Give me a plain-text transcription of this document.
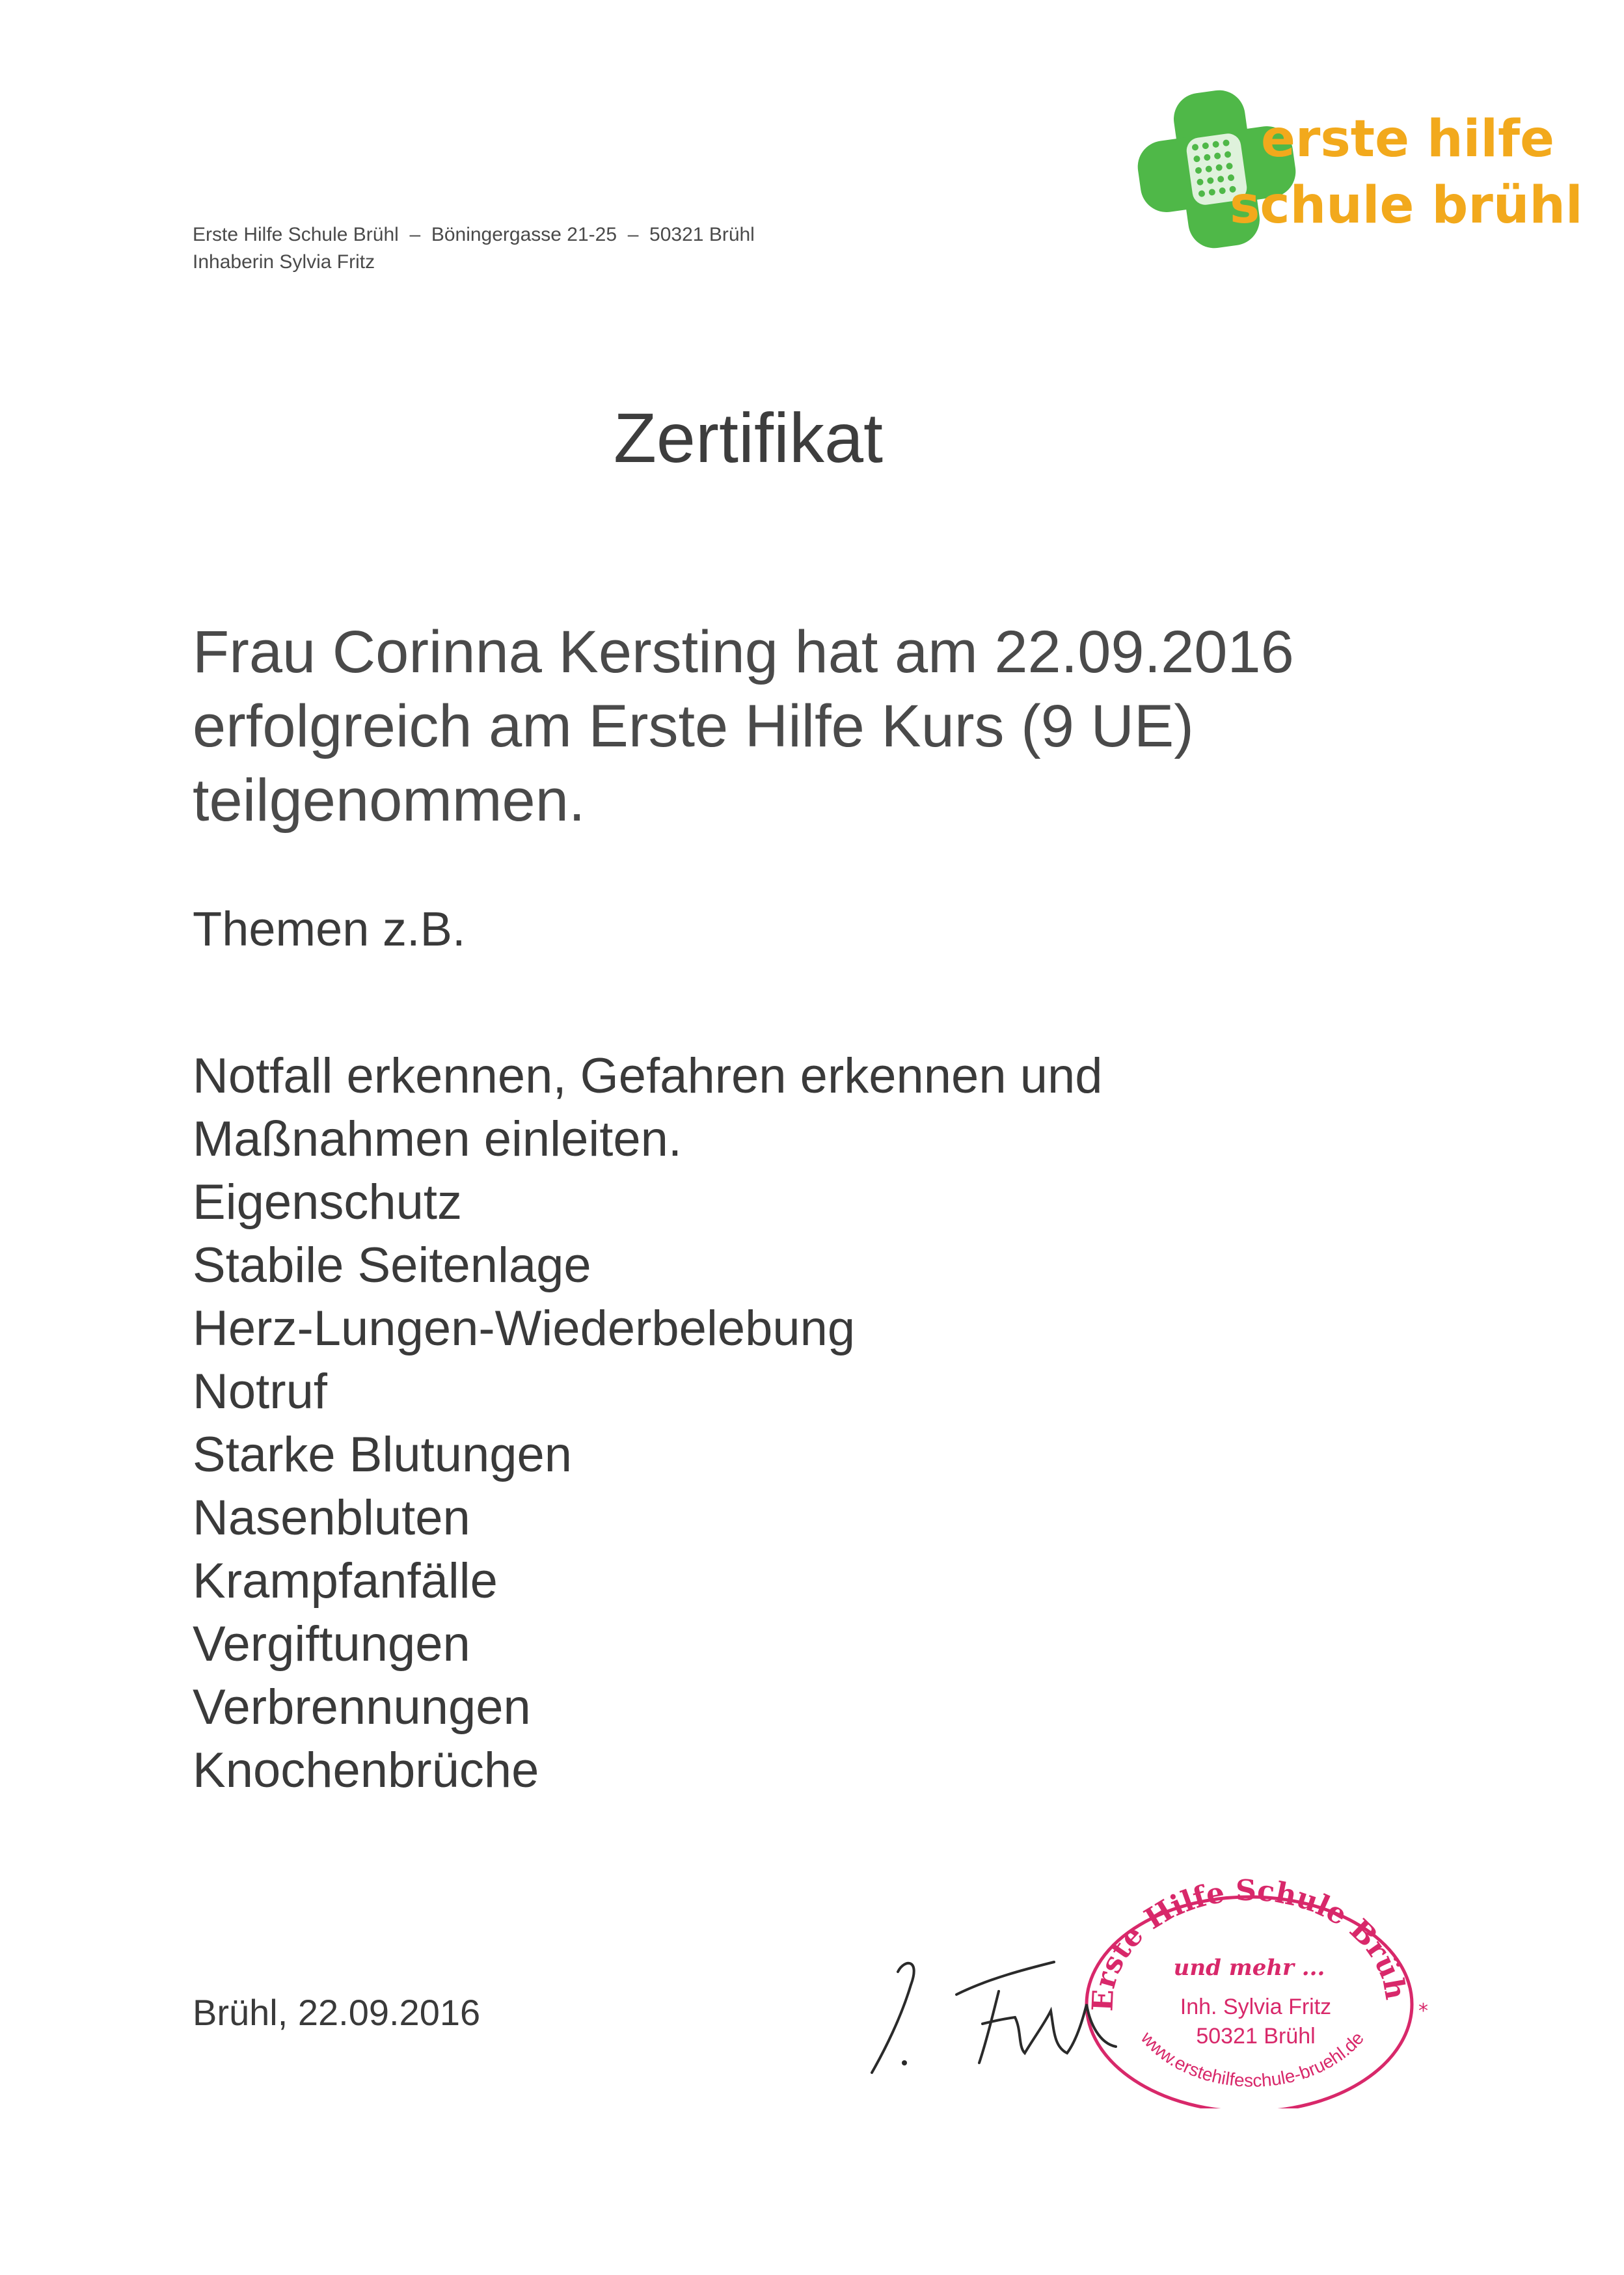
Erste Hilfe Schule Brühl  –  Böningergasse 21-25  –  50321 Brühl
Inhaberin Sylvia Fritz
erste hilfe
schule brühl
Zertifikat
Frau Corinna Kersting hat am 22.09.2016
erfolgreich am Erste Hilfe Kurs (9 UE)
teilgenommen.
Themen z.B.
Notfall erkennen, Gefahren erkennen und
Maßnahmen einleiten.
Eigenschutz
Stabile Seitenlage
Herz-Lungen-Wiederbelebung
Notruf
Starke Blutungen
Nasenbluten
Krampfanfälle
Vergiftungen
Verbrennungen
Knochenbrüche
Brühl, 22.09.2016	Erste Hilfe Schule Brüh
und mehr ...
Inh. Sylvia Fritz
50321 Brühl
www.erstehilfeschule-bruehl.de
*
